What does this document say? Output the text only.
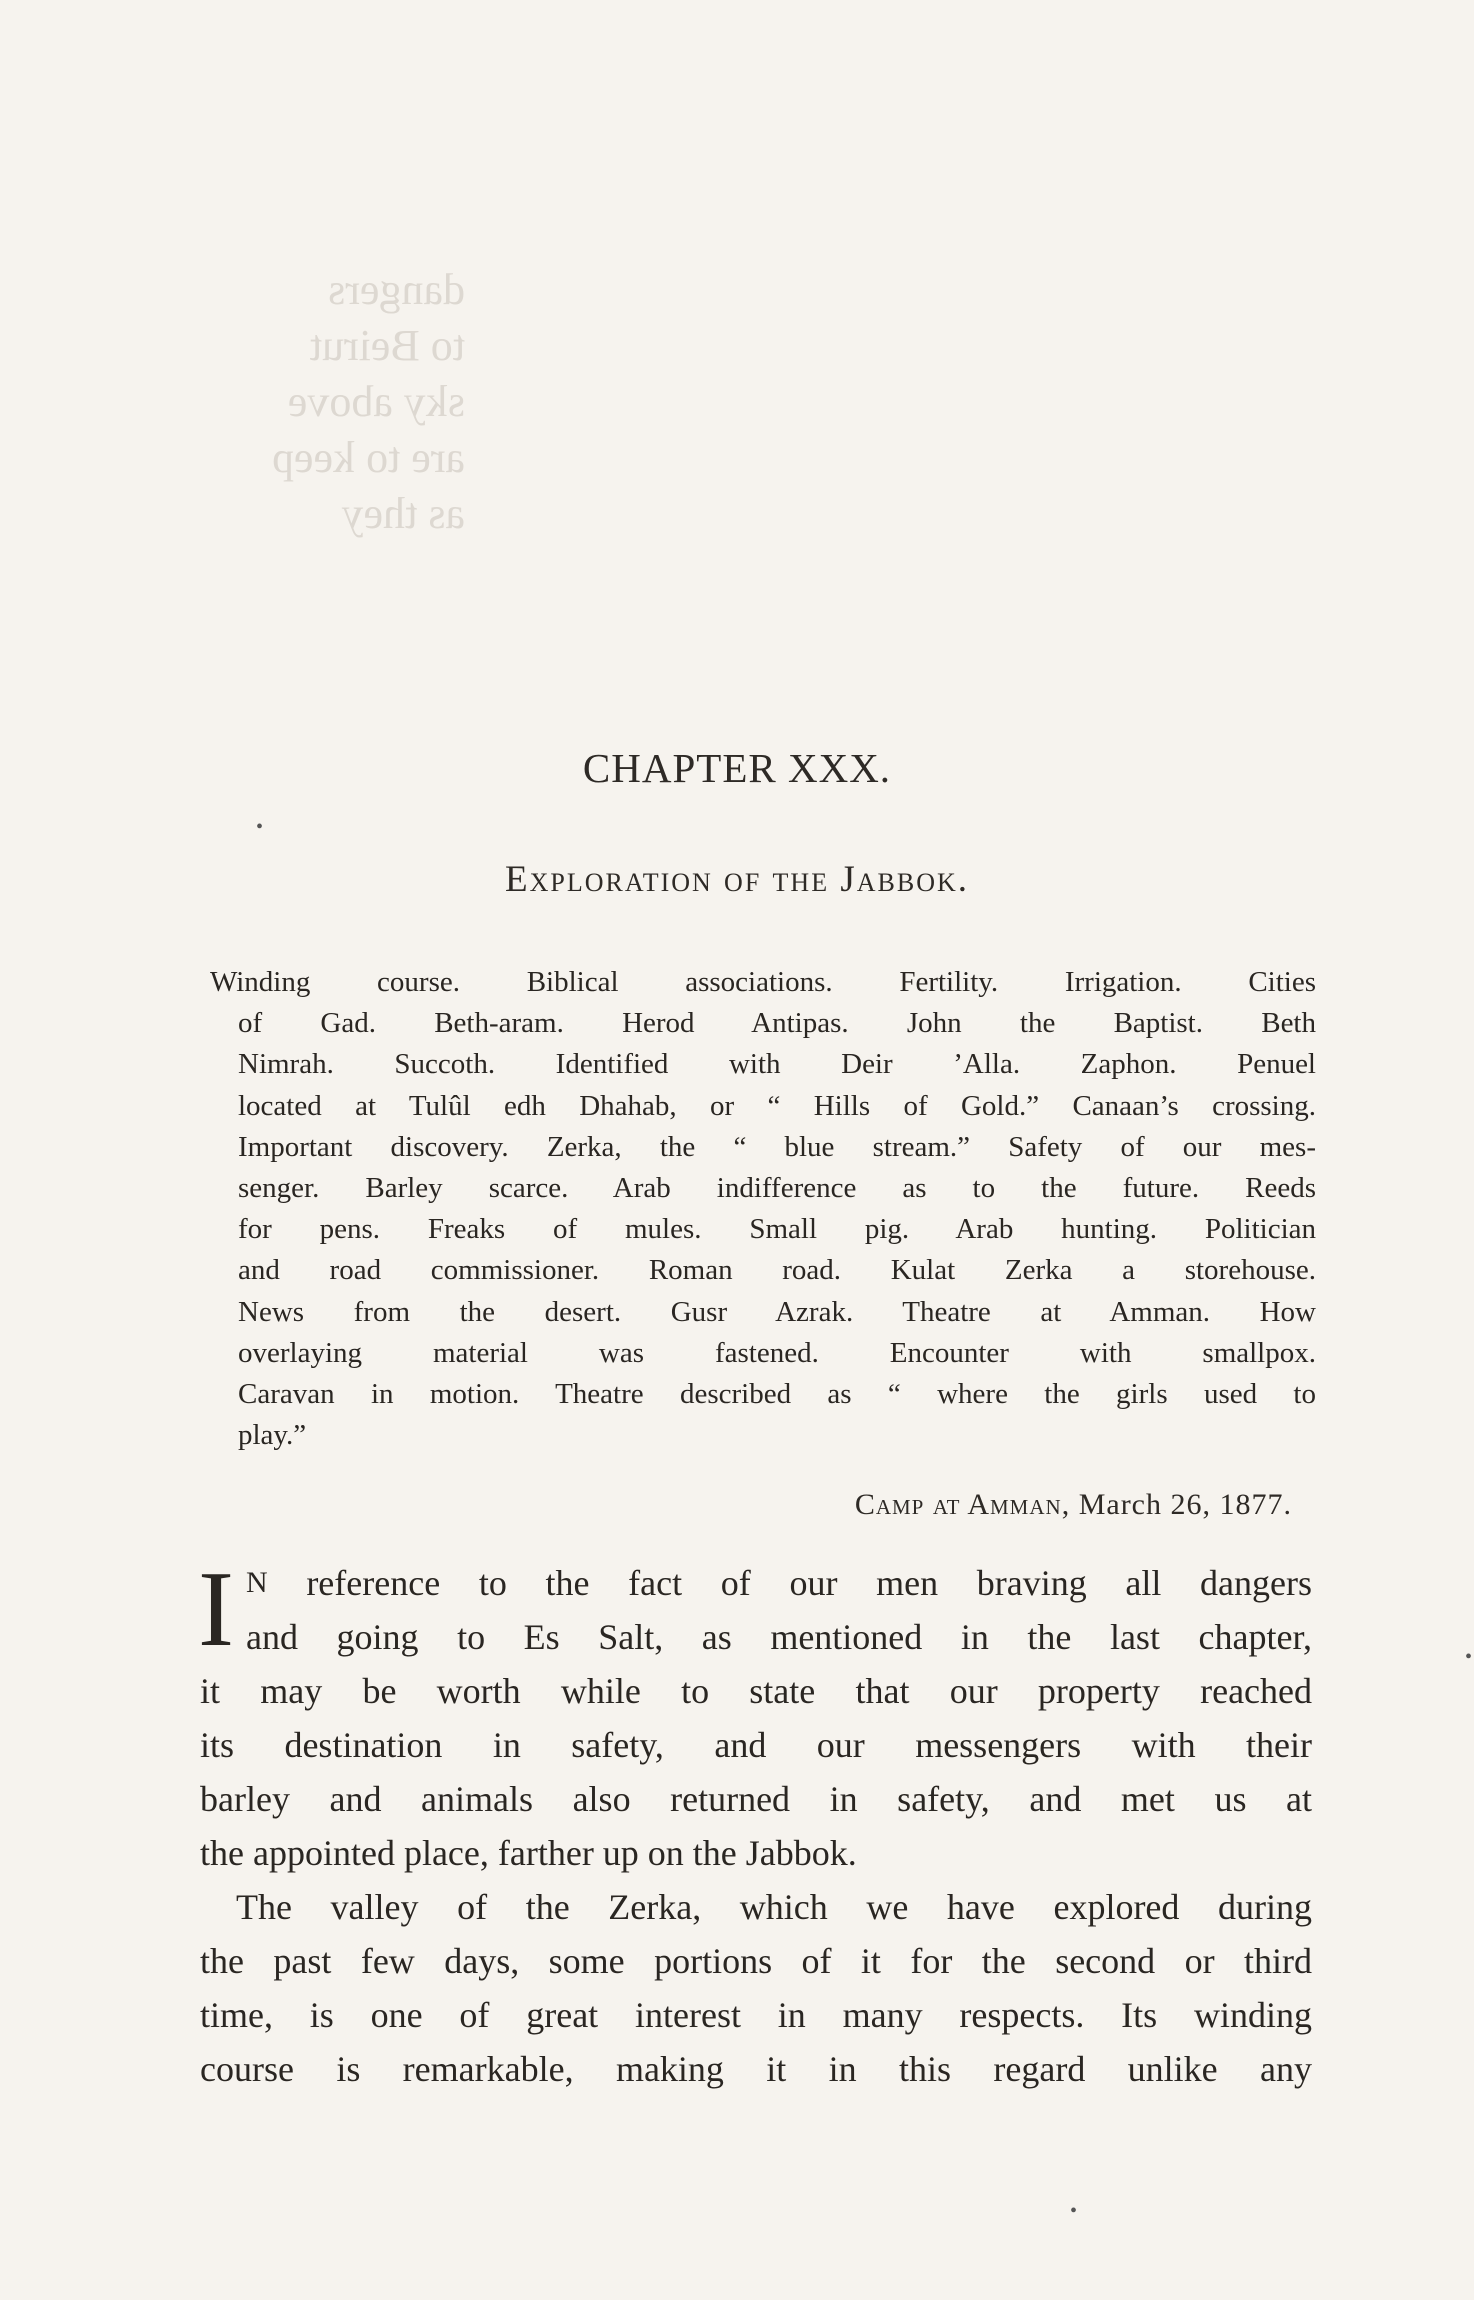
dangers
to Beirut
sky above
are to keep
as they
•
•
•
CHAPTER XXX.
Exploration of the Jabbok.
Winding course. Biblical associations. Fertility. Irrigation. Cities
of Gad. Beth-aram. Herod Antipas. John the Baptist. Beth
Nimrah. Succoth. Identified with Deir ’Alla. Zaphon. Penuel
located at Tulûl edh Dhahab, or “ Hills of Gold.” Canaan’s crossing.
Important discovery. Zerka, the “ blue stream.” Safety of our mes-
senger. Barley scarce. Arab indifference as to the future. Reeds
for pens. Freaks of mules. Small pig. Arab hunting. Politician
and road commissioner. Roman road. Kulat Zerka a storehouse.
News from the desert. Gusr Azrak. Theatre at Amman. How
overlaying material was fastened. Encounter with smallpox.
Caravan in motion. Theatre described as “ where the girls used to
play.”
Camp at Amman, March 26, 1877.
I $^N$ reference to the fact of our men braving all dangers
and going to Es Salt, as mentioned in the last chapter,
it may be worth while to state that our property reached
its destination in safety, and our messengers with their
barley and animals also returned in safety, and met us at
the appointed place, farther up on the Jabbok.
The valley of the Zerka, which we have explored during
the past few days, some portions of it for the second or third
time, is one of great interest in many respects. Its winding
course is remarkable, making it in this regard unlike any
